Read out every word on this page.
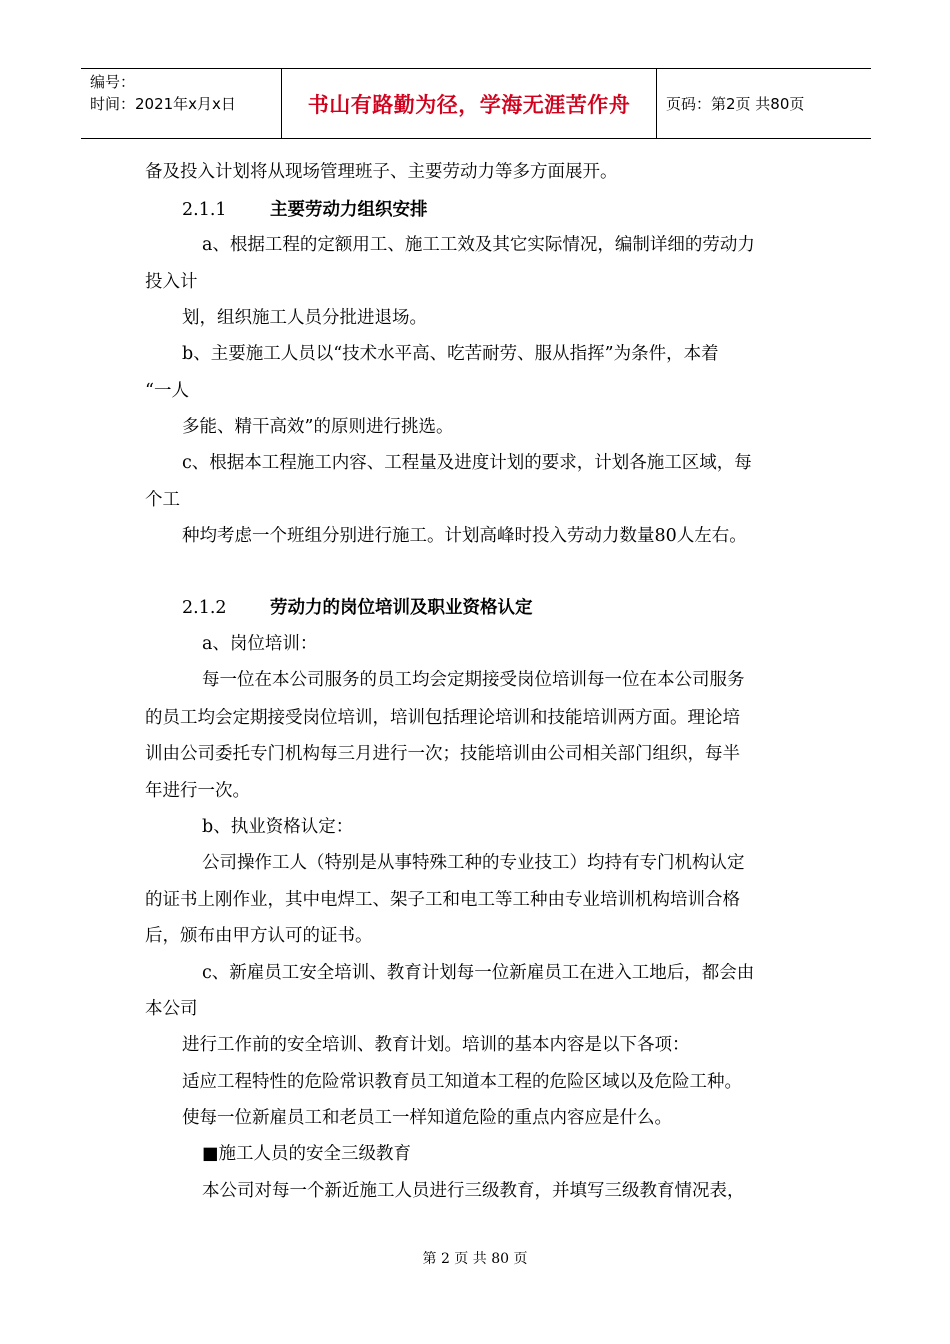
编号：
时间：2021年x月x日	书山有路勤为径，学海无涯苦作舟	页码：第2页 共80页
备及投入计划将从现场管理班子、主要劳动力等多方面展开。
2.1.1 主要劳动力组织安排
a、根据工程的定额用工、施工工效及其它实际情况，编制详细的劳动力
投入计
划，组织施工人员分批进退场。
b、主要施工人员以“技术水平高、吃苦耐劳、服从指挥”为条件，本着
“一人
多能、精干高效”的原则进行挑选。
c、根据本工程施工内容、工程量及进度计划的要求，计划各施工区域，每
个工
种均考虑一个班组分别进行施工。计划高峰时投入劳动力数量80人左右。
2.1.2 劳动力的岗位培训及职业资格认定
a、岗位培训：
每一位在本公司服务的员工均会定期接受岗位培训每一位在本公司服务
的员工均会定期接受岗位培训，培训包括理论培训和技能培训两方面。理论培
训由公司委托专门机构每三月进行一次；技能培训由公司相关部门组织，每半
年进行一次。
b、执业资格认定：
公司操作工人（特别是从事特殊工种的专业技工）均持有专门机构认定
的证书上刚作业，其中电焊工、架子工和电工等工种由专业培训机构培训合格
后，颁布由甲方认可的证书。
c、新雇员工安全培训、教育计划每一位新雇员工在进入工地后，都会由
本公司
进行工作前的安全培训、教育计划。培训的基本内容是以下各项：
适应工程特性的危险常识教育员工知道本工程的危险区域以及危险工种。
使每一位新雇员工和老员工一样知道危险的重点内容应是什么。
■施工人员的安全三级教育
本公司对每一个新近施工人员进行三级教育，并填写三级教育情况表，
第 2 页 共 80 页
